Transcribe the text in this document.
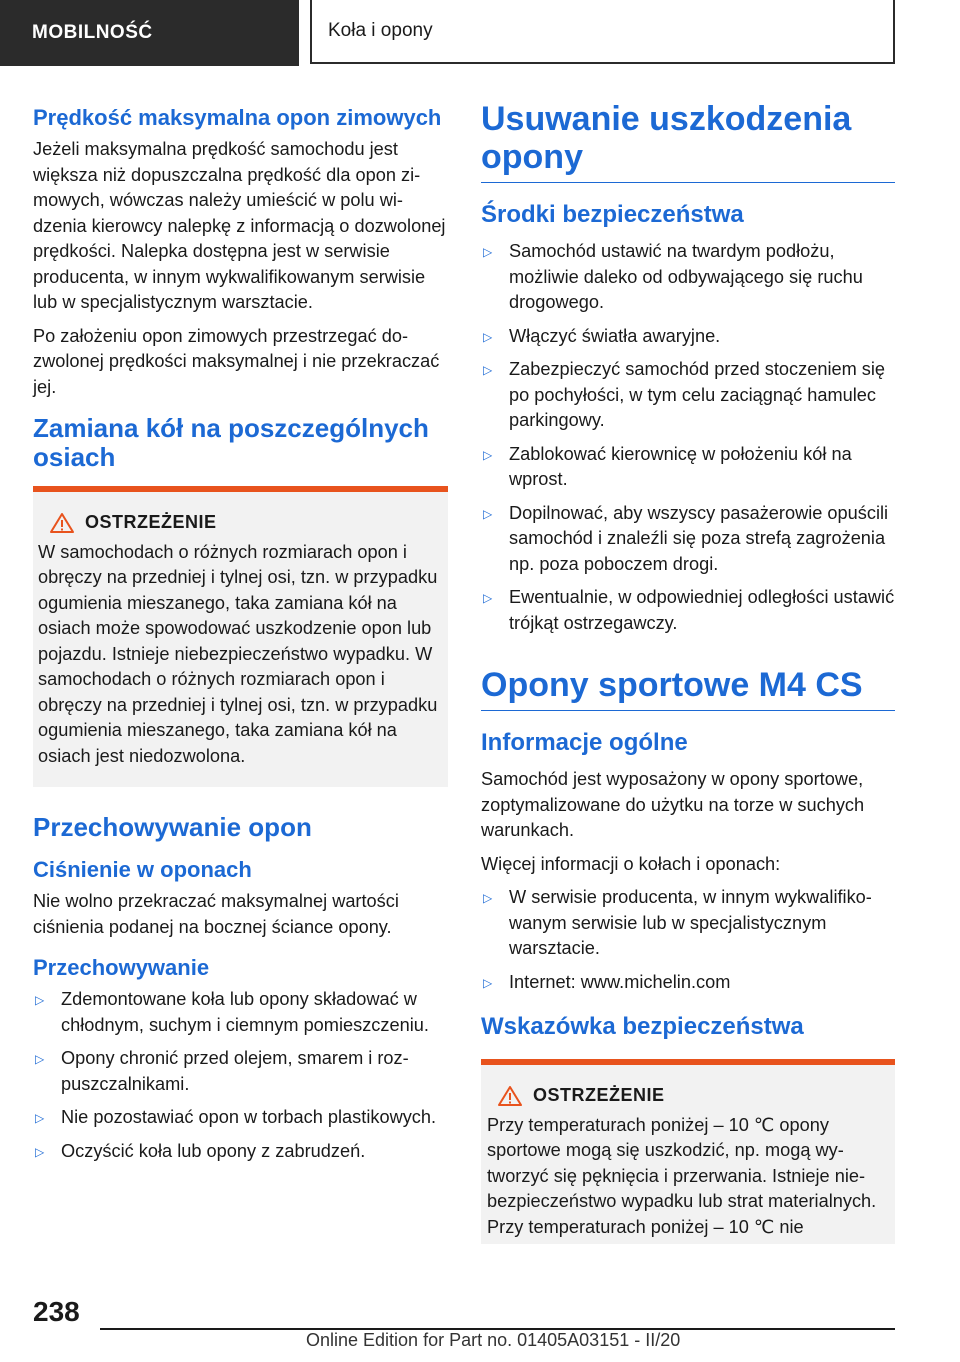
MOBILNOŚĆ	Koła i opony
Prędkość maksymalna opon zimowych

Jeżeli maksymalna prędkość samochodu jest większa niż dopuszczalna prędkość dla opon zimowych, wówczas należy umieścić w polu widzenia kierowcy nalepkę z informacją o dozwolonej prędkości. Nalepka dostępna jest w serwisie producenta, w innym wykwalifikowanym serwisie lub w specjalistycznym warsztacie.

Po założeniu opon zimowych przestrzegać dozwolonej prędkości maksymalnej i nie przekraczać jej.

Zamiana kół na poszczególnych osiach
OSTRZEŻENIE
W samochodach o różnych rozmiarach opon i obręczy na przedniej i tylnej osi, tzn. w przypadku ogumienia mieszanego, taka zamiana kół na osiach może spowodować uszkodzenie opon lub pojazdu. Istnieje niebezpieczeństwo wypadku. W samochodach o różnych rozmiarach opon i obręczy na przedniej i tylnej osi, tzn. w przypadku ogumienia mieszanego, taka zamiana kół na osiach jest niedozwolona.
Przechowywanie opon
Ciśnienie w oponach

Nie wolno przekraczać maksymalnej wartości ciśnienia podanej na bocznej ściance opony.

Przechowywanie
▷ Zdemontowane koła lub opony składować w chłodnym, suchym i ciemnym pomieszczeniu.
▷ Opony chronić przed olejem, smarem i rozpuszczalnikami.
▷ Nie pozostawiać opon w torbach plastikowych.
▷ Oczyścić koła lub opony z zabrudzeń.
Usuwanie uszkodzenia opony
Środki bezpieczeństwa
▷ Samochód ustawić na twardym podłożu, możliwie daleko od odbywającego się ruchu drogowego.
▷ Włączyć światła awaryjne.
▷ Zabezpieczyć samochód przed stoczeniem się po pochyłości, w tym celu zaciągnąć hamulec parkingowy.
▷ Zablokować kierownicę w położeniu kół na wprost.
▷ Dopilnować, aby wszyscy pasażerowie opuścili samochód i znaleźli się poza strefą zagrożenia np. poza poboczem drogi.
▷ Ewentualnie, w odpowiedniej odległości ustawić trójkąt ostrzegawczy.
Opony sportowe M4 CS
Informacje ogólne

Samochód jest wyposażony w opony sportowe, zoptymalizowane do użytku na torze w suchych warunkach.

Więcej informacji o kołach i oponach:

▷ W serwisie producenta, w innym wykwalifikowanym serwisie lub w specjalistycznym warsztacie.
▷ Internet: www.michelin.com
Wskazówka bezpieczeństwa
OSTRZEŻENIE
Przy temperaturach poniżej – 10 ℃ opony sportowe mogą się uszkodzić, np. mogą wytworzyć się pęknięcia i przerwania. Istnieje niebezpieczeństwo wypadku lub strat materialnych. Przy temperaturach poniżej – 10 ℃ nie
238
Online Edition for Part no. 01405A03151 - II/20
